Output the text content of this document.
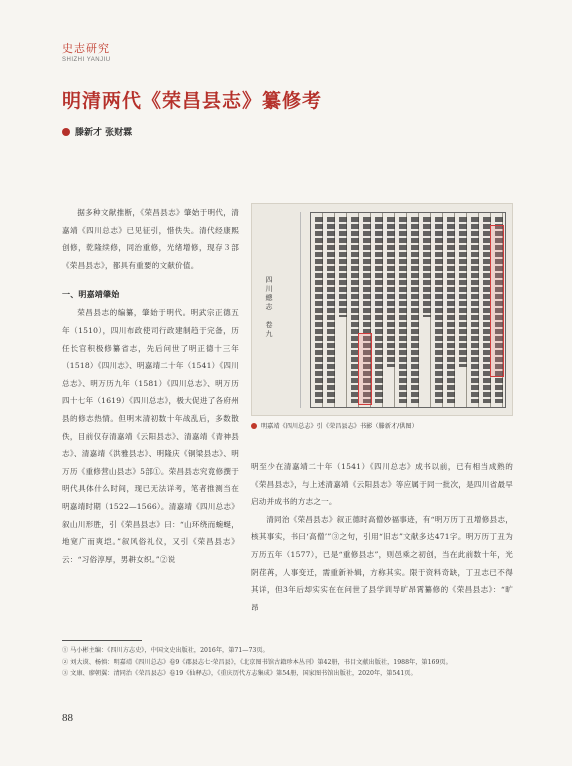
史志研究
SHIZHI YANJIU
明清两代《荣昌县志》纂修考
滕新才 张财霖

据多种文献推断，《荣昌县志》肇始于明代，清嘉靖《四川总志》已见征引，惜佚失。清代经康熙创修，乾隆续修，同治重修，光绪增修，现存３部《荣昌县志》，都具有重要的文献价值。

一、明嘉靖肇始

荣昌县志的编纂，肇始于明代。明武宗正德五年（1510），四川布政使司行政建制趋于完备，历任长官积极修纂省志，先后问世了明正德十三年（1518）《四川志》、明嘉靖二十年（1541）《四川总志》、明万历九年（1581）《四川总志》、明万历四十七年（1619）《四川总志》，极大促进了各府州县的修志热情。但明末清初数十年战乱后，多数散佚，目前仅存清嘉靖《云阳县志》、清嘉靖《青神县志》、清嘉靖《洪雅县志》、明隆庆《铜梁县志》、明万历《重修营山县志》5部①。荣昌县志究竟修撰于明代具体什么时间，现已无法详考，笔者推测当在明嘉靖时期（1522—1566）。清嘉靖《四川总志》叙山川形胜，引《荣昌县志》曰：“山环绕而蜿蜒，地宽广而爽垲。”叙风俗礼仪，又引《荣昌县志》云：“习俗淳厚，男耕女织。”②说

四川總志　卷九
明嘉靖《四川总志》引《荣昌县志》书影（滕新才/供图）

明至少在清嘉靖二十年（1541）《四川总志》成书以前，已有相当成熟的《荣昌县志》，与上述清嘉靖《云阳县志》等应属于同一批次，是四川省最早启动并成书的方志之一。

清同治《荣昌县志》叙正德时高僧妙福事迹，有“明万历丁丑增修县志，核其事实，书曰‘高僧’”③之句，引用“旧志”文献多达471字。明万历丁丑为万历五年（1577），已是“重修县志”，则邑乘之初创，当在此前数十年，光阴荏苒，人事变迁，需重新补辑，方称其实。限于资料奇缺，丁丑志已不得其详，但3年后却实实在在问世了县学训导旷昂霄纂修的《荣昌县志》：“旷昂

① 马小彬主编：《四川方志史》，中国文史出版社，2016年，第71—73页。
② 刘大谟、杨慎：明嘉靖《四川总志》卷9《郡县志七·荣昌县》，《北京图书馆古籍珍本丛刊》第42册，书目文献出版社，1988年，第169页。
③ 文康、廖朝翼：清同治《荣昌县志》卷19《仙释志》，《重庆历代方志集成》第54册，国家图书馆出版社，2020年，第541页。
88
